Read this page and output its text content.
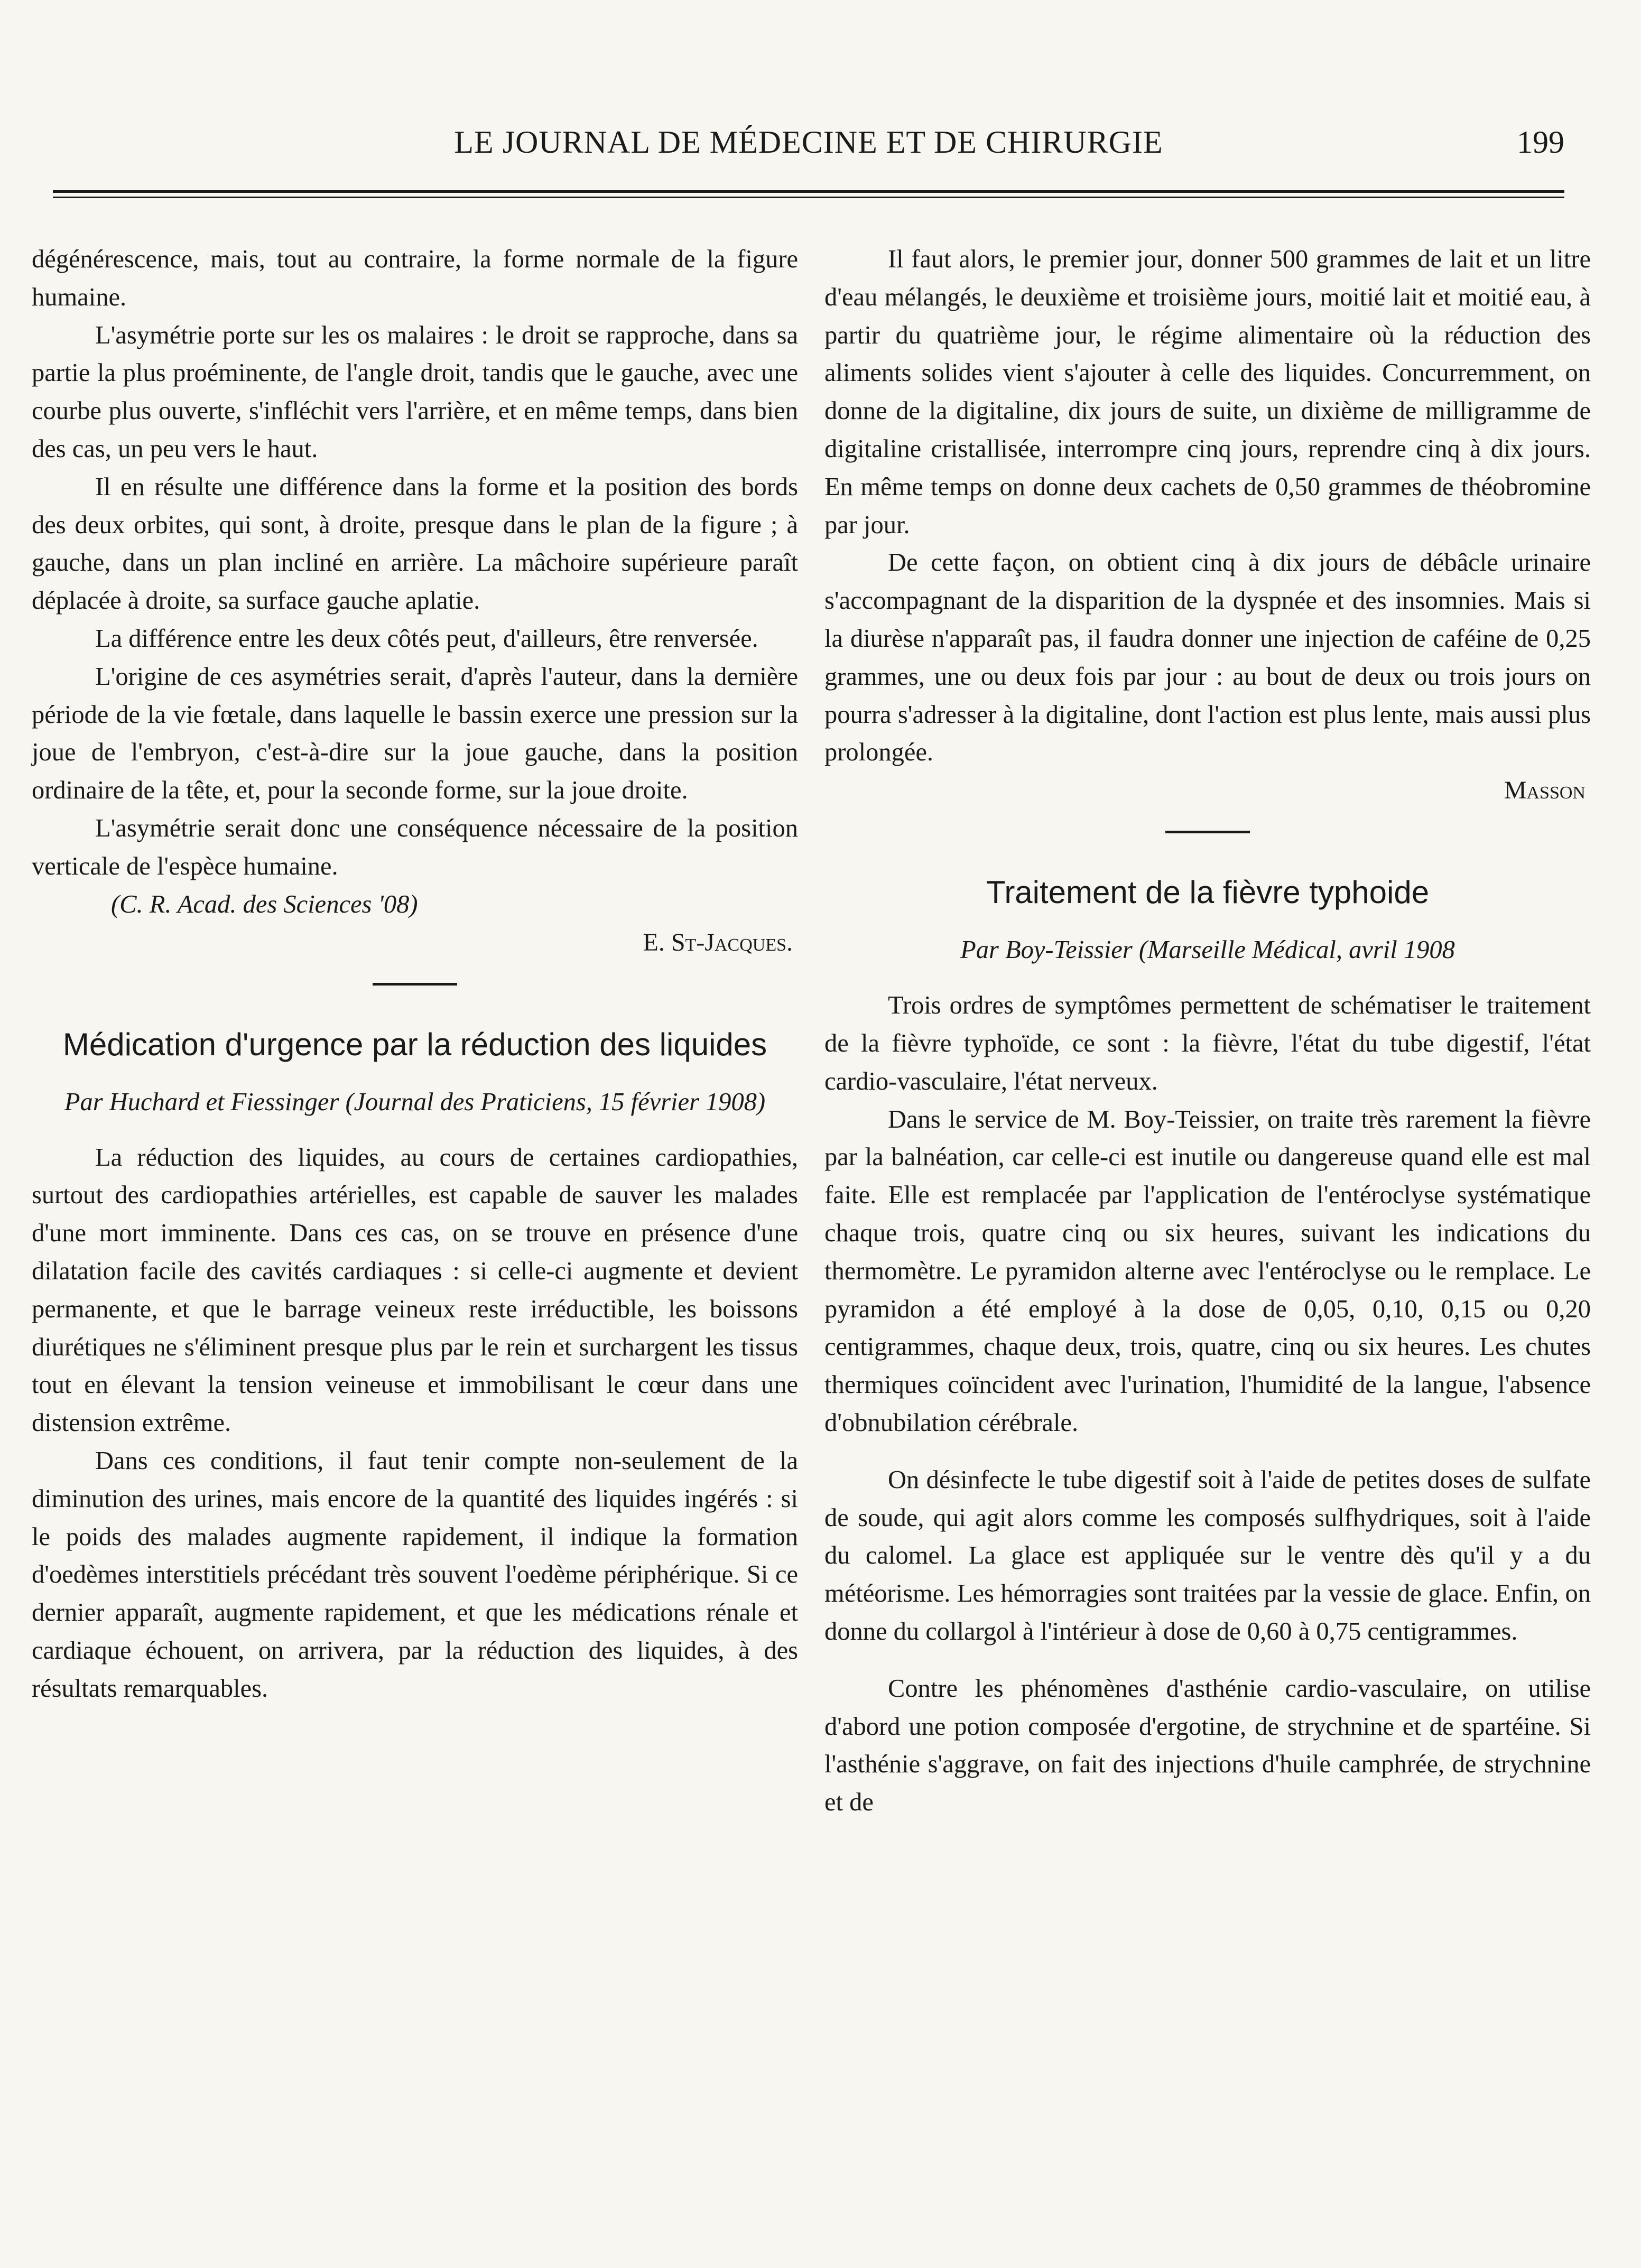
LE JOURNAL DE MÉDECINE ET DE CHIRURGIE	199

dégénérescence, mais, tout au contraire, la forme normale de la figure humaine.

L'asymétrie porte sur les os malaires : le droit se rapproche, dans sa partie la plus proéminente, de l'angle droit, tandis que le gauche, avec une courbe plus ouverte, s'infléchit vers l'arrière, et en même temps, dans bien des cas, un peu vers le haut.

Il en résulte une différence dans la forme et la position des bords des deux orbites, qui sont, à droite, presque dans le plan de la figure ; à gauche, dans un plan incliné en arrière. La mâchoire supérieure paraît déplacée à droite, sa surface gauche aplatie.

La différence entre les deux côtés peut, d'ailleurs, être renversée.

L'origine de ces asymétries serait, d'après l'auteur, dans la dernière période de la vie fœtale, dans laquelle le bassin exerce une pression sur la joue de l'embryon, c'est-à-dire sur la joue gauche, dans la position ordinaire de la tête, et, pour la seconde forme, sur la joue droite.

L'asymétrie serait donc une conséquence nécessaire de la position verticale de l'espèce humaine.

(C. R. Acad. des Sciences '08)
E. St-Jacques.
Médication d'urgence par la réduction des liquides
Par Huchard et Fiessinger (Journal des Praticiens, 15 février 1908)

La réduction des liquides, au cours de certaines cardiopathies, surtout des cardiopathies artérielles, est capable de sauver les malades d'une mort imminente. Dans ces cas, on se trouve en présence d'une dilatation facile des cavités cardiaques : si celle-ci augmente et devient permanente, et que le barrage veineux reste irréductible, les boissons diurétiques ne s'éliminent presque plus par le rein et surchargent les tissus tout en élevant la tension veineuse et immobilisant le cœur dans une distension extrême.

Dans ces conditions, il faut tenir compte non-seulement de la diminution des urines, mais encore de la quantité des liquides ingérés : si le poids des malades augmente rapidement, il indique la formation d'oedèmes interstitiels précédant très souvent l'oedème périphérique. Si ce dernier apparaît, augmente rapidement, et que les médications rénale et cardiaque échouent, on arrivera, par la réduction des liquides, à des résultats remarquables.

Il faut alors, le premier jour, donner 500 grammes de lait et un litre d'eau mélangés, le deuxième et troisième jours, moitié lait et moitié eau, à partir du quatrième jour, le régime alimentaire où la réduction des aliments solides vient s'ajouter à celle des liquides. Concurremment, on donne de la digitaline, dix jours de suite, un dixième de milligramme de digitaline cristallisée, interrompre cinq jours, reprendre cinq à dix jours. En même temps on donne deux cachets de 0,50 grammes de théobromine par jour.

De cette façon, on obtient cinq à dix jours de débâcle urinaire s'accompagnant de la disparition de la dyspnée et des insomnies. Mais si la diurèse n'apparaît pas, il faudra donner une injection de caféine de 0,25 grammes, une ou deux fois par jour : au bout de deux ou trois jours on pourra s'adresser à la digitaline, dont l'action est plus lente, mais aussi plus prolongée.

Masson
Traitement de la fièvre typhoide
Par Boy-Teissier (Marseille Médical, avril 1908

Trois ordres de symptômes permettent de schématiser le traitement de la fièvre typhoïde, ce sont : la fièvre, l'état du tube digestif, l'état cardio-vasculaire, l'état nerveux.

Dans le service de M. Boy-Teissier, on traite très rarement la fièvre par la balnéation, car celle-ci est inutile ou dangereuse quand elle est mal faite. Elle est remplacée par l'application de l'entéroclyse systématique chaque trois, quatre cinq ou six heures, suivant les indications du thermomètre. Le pyramidon alterne avec l'entéroclyse ou le remplace. Le pyramidon a été employé à la dose de 0,05, 0,10, 0,15 ou 0,20 centigrammes, chaque deux, trois, quatre, cinq ou six heures. Les chutes thermiques coïncident avec l'urination, l'humidité de la langue, l'absence d'obnubilation cérébrale.

On désinfecte le tube digestif soit à l'aide de petites doses de sulfate de soude, qui agit alors comme les composés sulfhydriques, soit à l'aide du calomel. La glace est appliquée sur le ventre dès qu'il y a du météorisme. Les hémorragies sont traitées par la vessie de glace. Enfin, on donne du collargol à l'intérieur à dose de 0,60 à 0,75 centigrammes.

Contre les phénomènes d'asthénie cardio-vasculaire, on utilise d'abord une potion composée d'ergotine, de strychnine et de spartéine. Si l'asthénie s'aggrave, on fait des injections d'huile camphrée, de strychnine et de
